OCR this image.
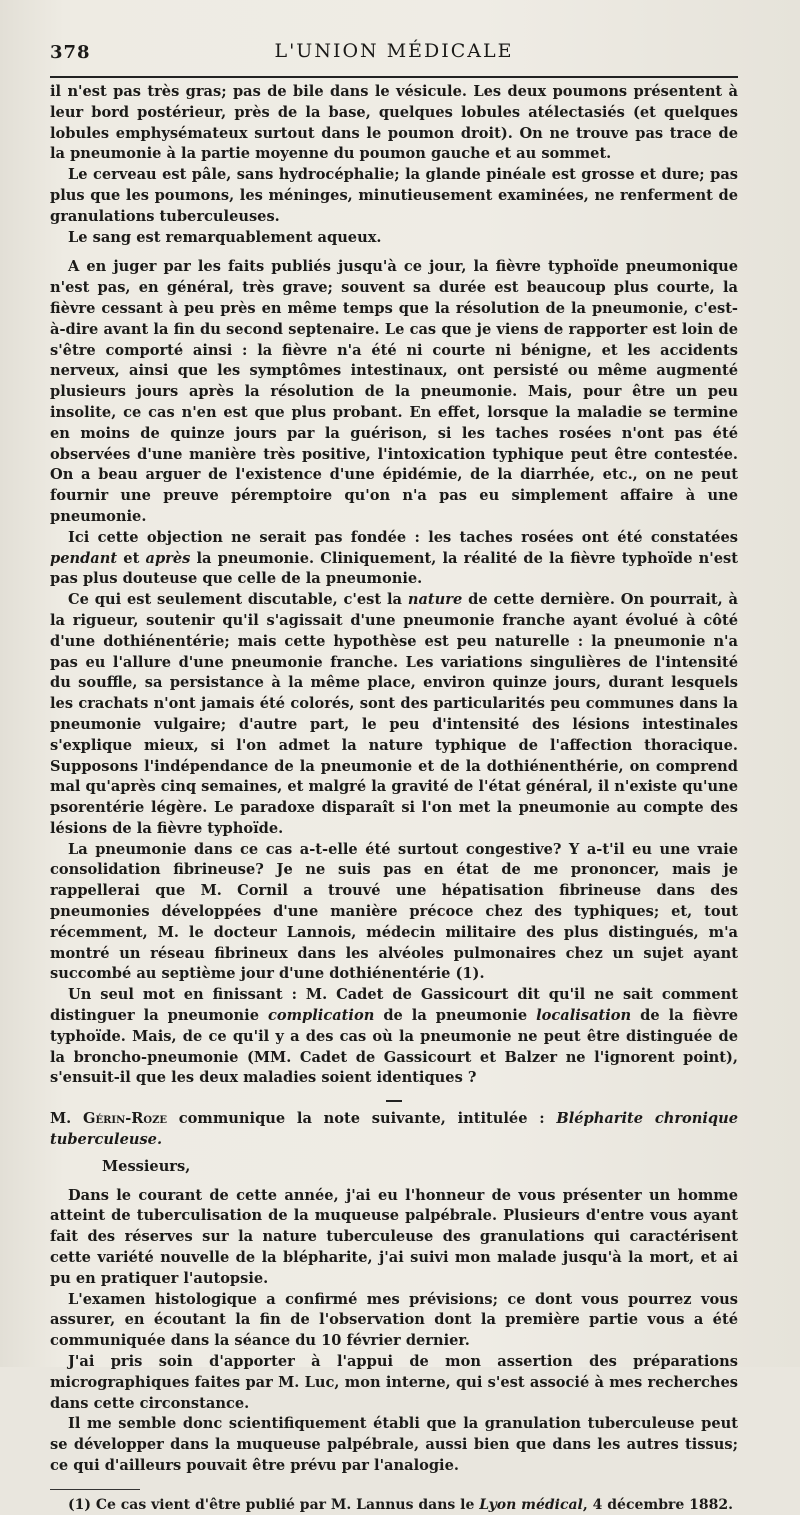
378	L'UNION MÉDICALE

il n'est pas très gras; pas de bile dans le vésicule. Les deux poumons présentent à leur bord postérieur, près de la base, quelques lobules atélectasiés (et quelques lobules emphysémateux surtout dans le poumon droit). On ne trouve pas trace de la pneumonie à la partie moyenne du poumon gauche et au sommet.

Le cerveau est pâle, sans hydrocéphalie; la glande pinéale est grosse et dure; pas plus que les poumons, les méninges, minutieusement examinées, ne renferment de granulations tuberculeuses.

Le sang est remarquablement aqueux.

A en juger par les faits publiés jusqu'à ce jour, la fièvre typhoïde pneumonique n'est pas, en général, très grave; souvent sa durée est beaucoup plus courte, la fièvre cessant à peu près en même temps que la résolution de la pneumonie, c'est-à-dire avant la fin du second septenaire. Le cas que je viens de rapporter est loin de s'être comporté ainsi : la fièvre n'a été ni courte ni bénigne, et les accidents nerveux, ainsi que les symptômes intestinaux, ont persisté ou même augmenté plusieurs jours après la résolution de la pneumonie. Mais, pour être un peu insolite, ce cas n'en est que plus probant. En effet, lorsque la maladie se termine en moins de quinze jours par la guérison, si les taches rosées n'ont pas été observées d'une manière très positive, l'intoxication typhique peut être contestée. On a beau arguer de l'existence d'une épidémie, de la diarrhée, etc., on ne peut fournir une preuve péremptoire qu'on n'a pas eu simplement affaire à une pneumonie.

Ici cette objection ne serait pas fondée : les taches rosées ont été constatées pendant et après la pneumonie. Cliniquement, la réalité de la fièvre typhoïde n'est pas plus douteuse que celle de la pneumonie.

Ce qui est seulement discutable, c'est la nature de cette dernière. On pourrait, à la rigueur, soutenir qu'il s'agissait d'une pneumonie franche ayant évolué à côté d'une dothiénentérie; mais cette hypothèse est peu naturelle : la pneumonie n'a pas eu l'allure d'une pneumonie franche. Les variations singulières de l'intensité du souffle, sa persistance à la même place, environ quinze jours, durant lesquels les crachats n'ont jamais été colorés, sont des particularités peu communes dans la pneumonie vulgaire; d'autre part, le peu d'intensité des lésions intestinales s'explique mieux, si l'on admet la nature typhique de l'affection thoracique. Supposons l'indépendance de la pneumonie et de la dothiénenthérie, on comprend mal qu'après cinq semaines, et malgré la gravité de l'état général, il n'existe qu'une psorentérie légère. Le paradoxe disparaît si l'on met la pneumonie au compte des lésions de la fièvre typhoïde.

La pneumonie dans ce cas a-t-elle été surtout congestive? Y a-t'il eu une vraie consolidation fibrineuse? Je ne suis pas en état de me prononcer, mais je rappellerai que M. Cornil a trouvé une hépatisation fibrineuse dans des pneumonies développées d'une manière précoce chez des typhiques; et, tout récemment, M. le docteur Lannois, médecin militaire des plus distingués, m'a montré un réseau fibrineux dans les alvéoles pulmonaires chez un sujet ayant succombé au septième jour d'une dothiénentérie (1).

Un seul mot en finissant : M. Cadet de Gassicourt dit qu'il ne sait comment distinguer la pneumonie complication de la pneumonie localisation de la fièvre typhoïde. Mais, de ce qu'il y a des cas où la pneumonie ne peut être distinguée de la broncho-pneumonie (MM. Cadet de Gassicourt et Balzer ne l'ignorent point), s'ensuit-il que les deux maladies soient identiques ?

M. Gérin-Roze communique la note suivante, intitulée : Blépharite chronique tuberculeuse.

Messieurs,

Dans le courant de cette année, j'ai eu l'honneur de vous présenter un homme atteint de tuberculisation de la muqueuse palpébrale. Plusieurs d'entre vous ayant fait des réserves sur la nature tuberculeuse des granulations qui caractérisent cette variété nouvelle de la blépharite, j'ai suivi mon malade jusqu'à la mort, et ai pu en pratiquer l'autopsie.

L'examen histologique a confirmé mes prévisions; ce dont vous pourrez vous assurer, en écoutant la fin de l'observation dont la première partie vous a été communiquée dans la séance du 10 février dernier.

J'ai pris soin d'apporter à l'appui de mon assertion des préparations micrographiques faites par M. Luc, mon interne, qui s'est associé à mes recherches dans cette circonstance.

Il me semble donc scientifiquement établi que la granulation tuberculeuse peut se développer dans la muqueuse palpébrale, aussi bien que dans les autres tissus; ce qui d'ailleurs pouvait être prévu par l'analogie.

(1) Ce cas vient d'être publié par M. Lannus dans le Lyon médical, 4 décembre 1882.
